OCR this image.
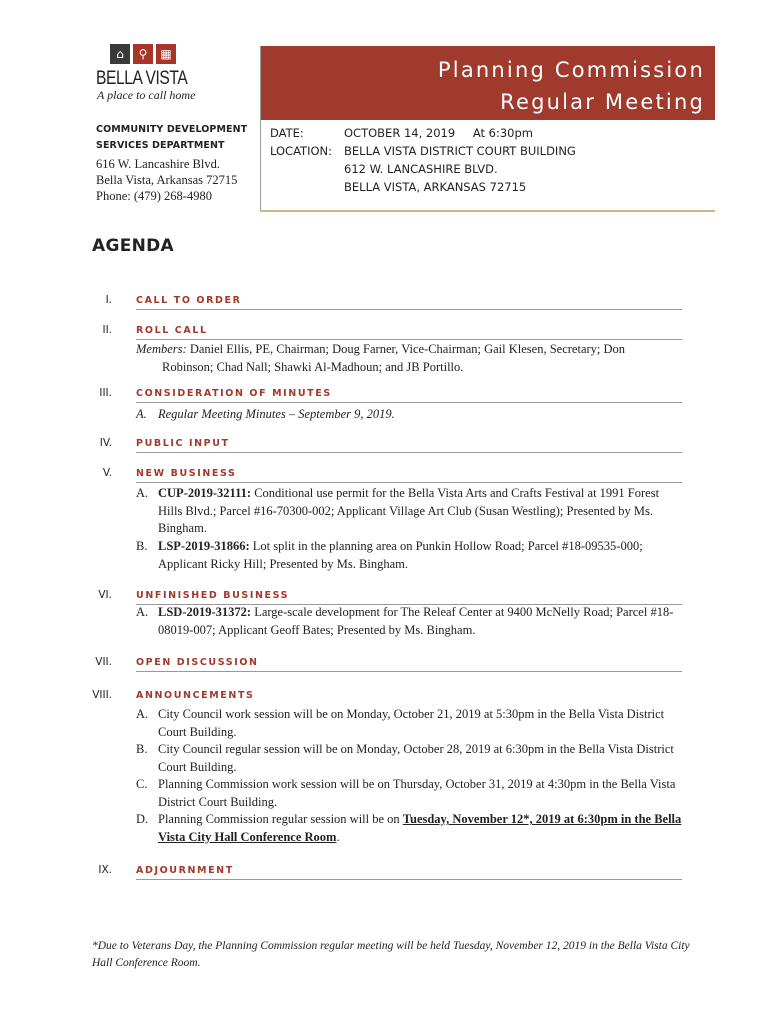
⌂	⚲	▦
BELLA VISTA
A place to call home
COMMUNITY DEVELOPMENT
SERVICES DEPARTMENT
616 W. Lancashire Blvd.
Bella Vista, Arkansas 72715
Phone: (479) 268-4980
Planning Commission
Regular Meeting
DATE:	OCTOBER 14, 2019 At 6:30pm
LOCATION: BELLA VISTA DISTRICT COURT BUILDING
612 W. LANCASHIRE BLVD.
BELLA VISTA, ARKANSAS 72715
AGENDA
I.	CALL TO ORDER
II.	ROLL CALL
Members: Daniel Ellis, PE, Chairman; Doug Farner, Vice-Chairman; Gail Klesen, Secretary; Don
Robinson; Chad Nall; Shawki Al-Madhoun; and JB Portillo.
III.	CONSIDERATION OF MINUTES
A. Regular Meeting Minutes – September 9, 2019.
IV.	PUBLIC INPUT
V.	NEW BUSINESS
A. CUP-2019-32111: Conditional use permit for the Bella Vista Arts and Crafts Festival at 1991 Forest Hills Blvd.; Parcel #16-70300-002; Applicant Village Art Club (Susan Westling); Presented by Ms. Bingham.
B. LSP-2019-31866: Lot split in the planning area on Punkin Hollow Road; Parcel #18-09535-000; Applicant Ricky Hill; Presented by Ms. Bingham.
VI.	UNFINISHED BUSINESS
A. LSD-2019-31372: Large-scale development for The Releaf Center at 9400 McNelly Road; Parcel #18-08019-007; Applicant Geoff Bates; Presented by Ms. Bingham.
VII.	OPEN DISCUSSION
VIII.	ANNOUNCEMENTS
A. City Council work session will be on Monday, October 21, 2019 at 5:30pm in the Bella Vista District Court Building.
B. City Council regular session will be on Monday, October 28, 2019 at 6:30pm in the Bella Vista District Court Building.
C. Planning Commission work session will be on Thursday, October 31, 2019 at 4:30pm in the Bella Vista District Court Building.
D. Planning Commission regular session will be on Tuesday, November 12*, 2019 at 6:30pm in the Bella Vista City Hall Conference Room.
IX.	ADJOURNMENT
*Due to Veterans Day, the Planning Commission regular meeting will be held Tuesday, November 12, 2019 in the Bella Vista City Hall Conference Room.
